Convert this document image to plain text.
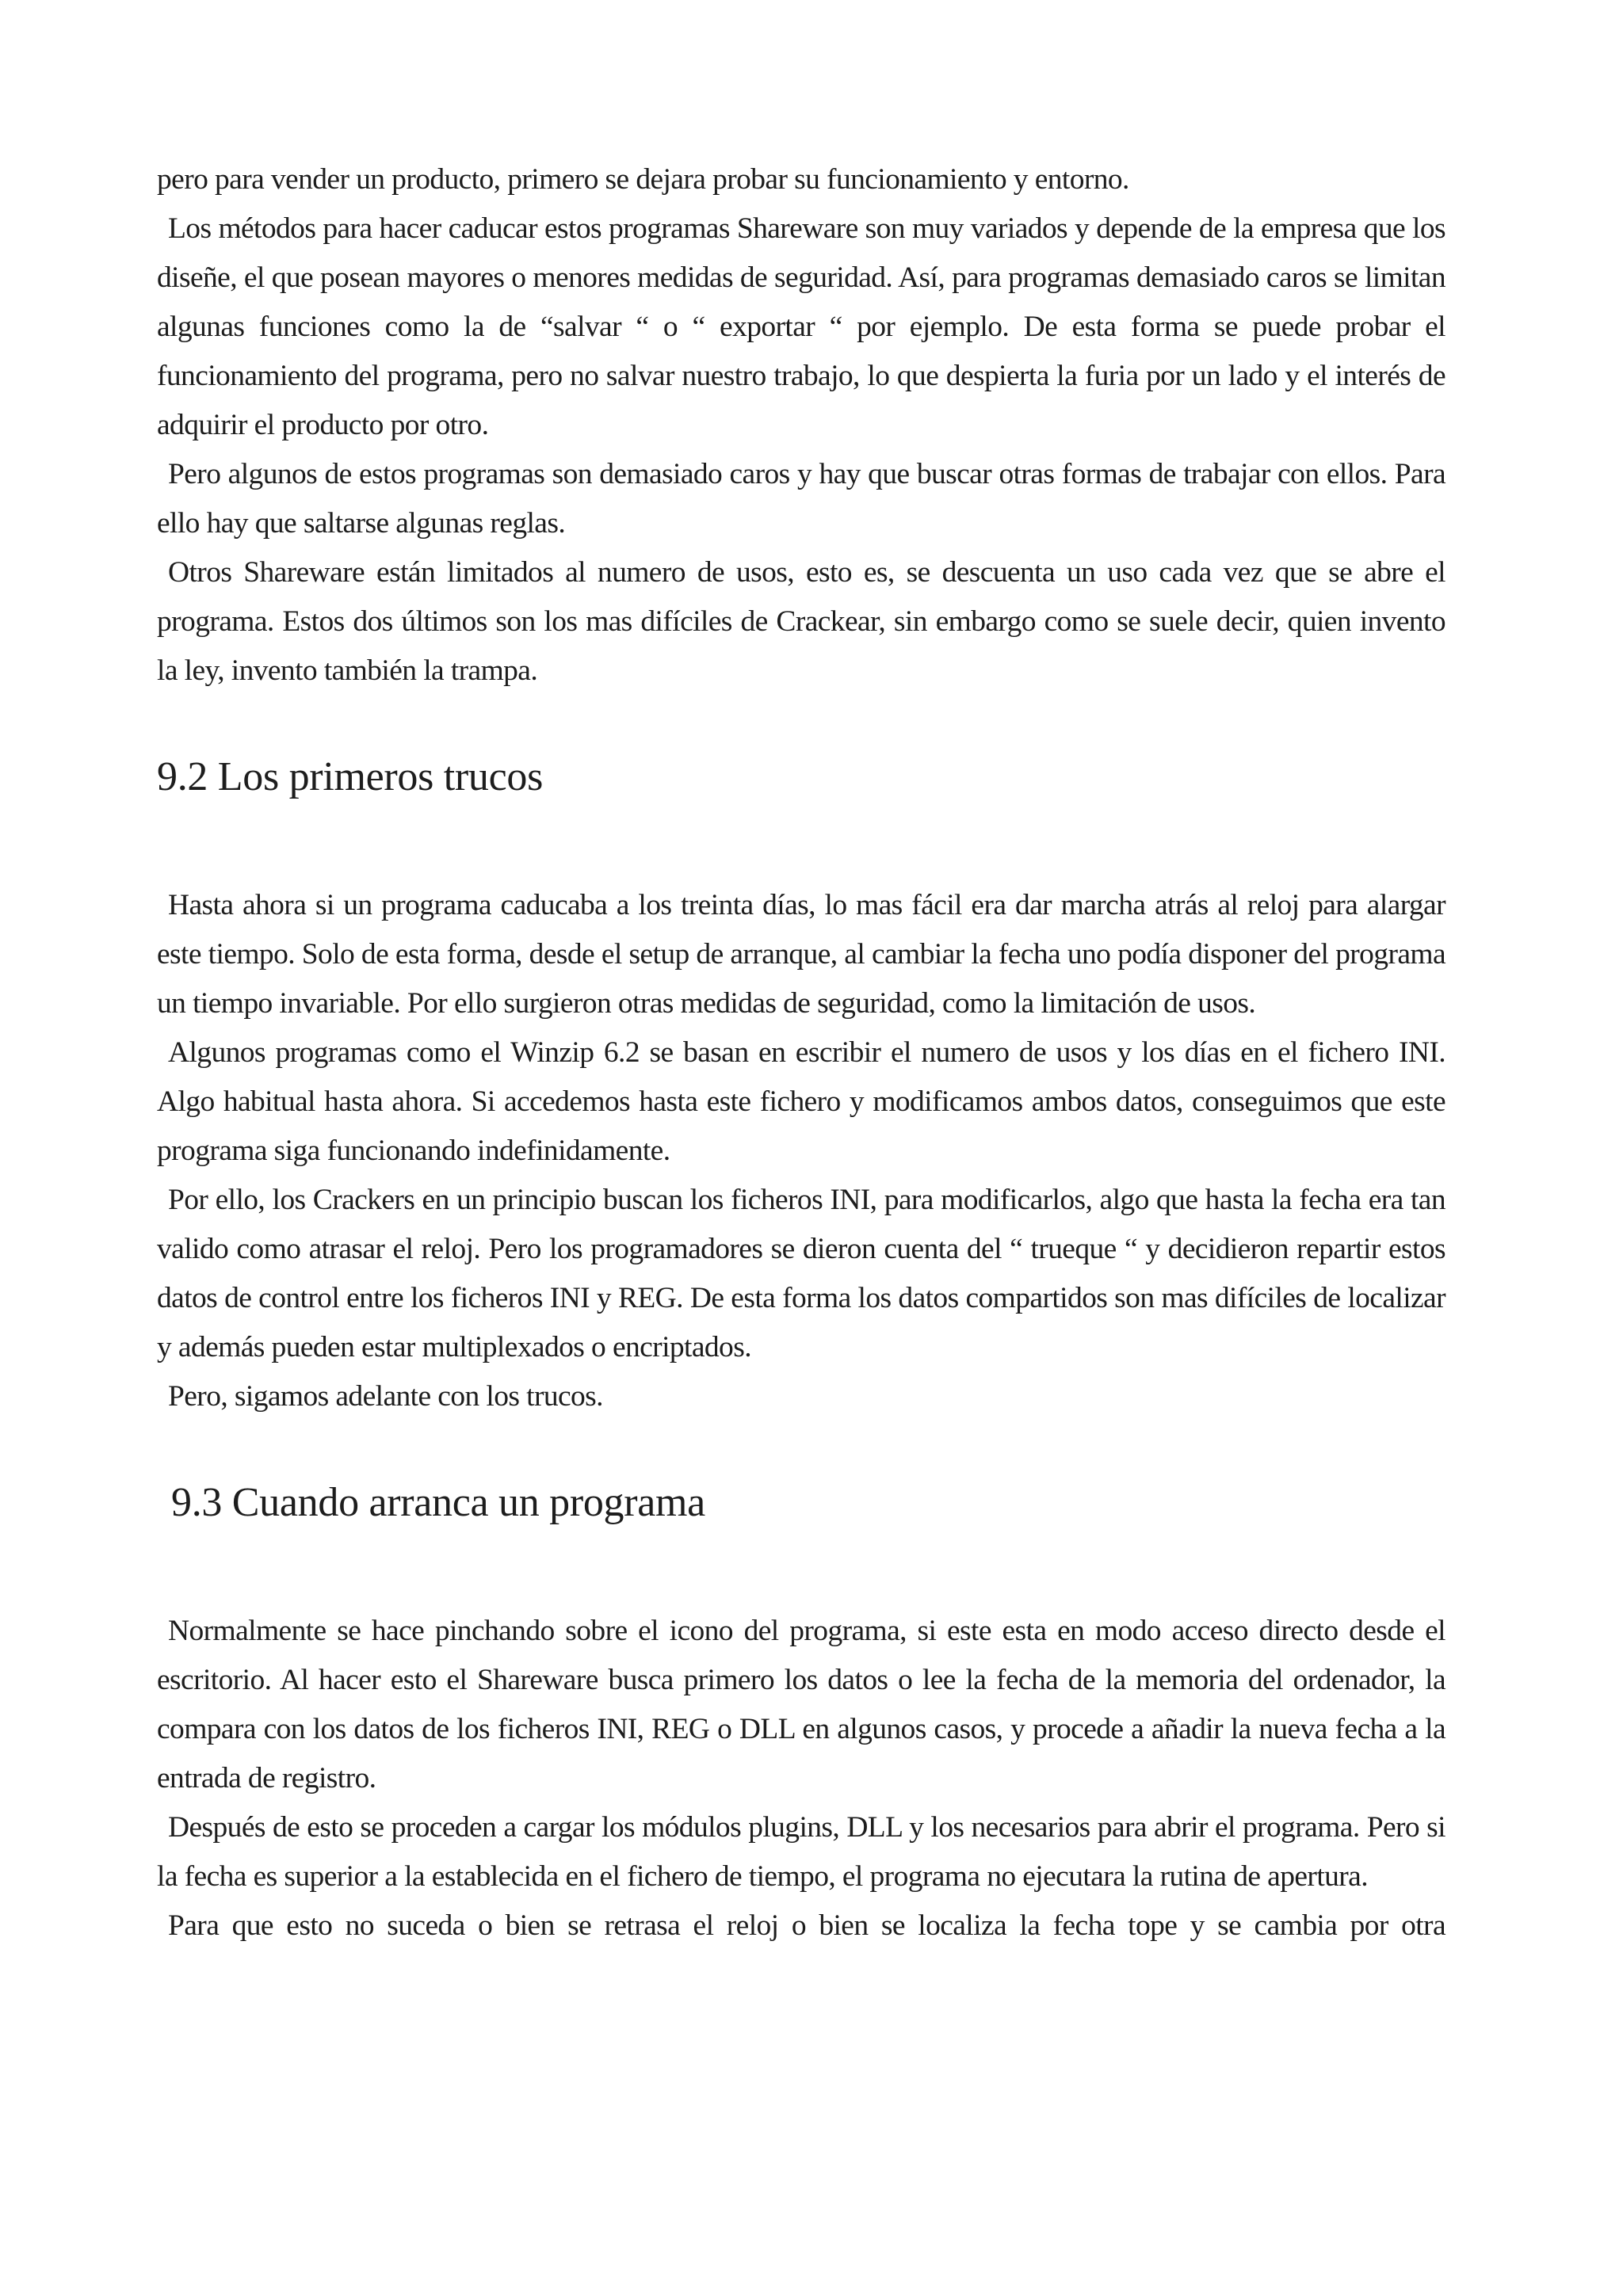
pero para vender un producto, primero se dejara probar su funcionamiento y entorno.

Los métodos para hacer caducar estos programas Shareware son muy variados y depende de la empresa que los diseñe, el que posean mayores o menores medidas de seguridad. Así, para programas demasiado caros se limitan algunas funciones como la de “salvar “ o “ exportar “ por ejemplo. De esta forma se puede probar el funcionamiento del programa, pero no salvar nuestro trabajo, lo que despierta la furia por un lado y el interés de adquirir el producto por otro.

Pero algunos de estos programas son demasiado caros y hay que buscar otras formas de trabajar con ellos. Para ello hay que saltarse algunas reglas.

Otros Shareware están limitados al numero de usos, esto es, se descuenta un uso cada vez que se abre el programa. Estos dos últimos son los mas difíciles de Crackear, sin embargo como se suele decir, quien invento la ley, invento también la trampa.

9.2 Los primeros trucos

Hasta ahora si un programa caducaba a los treinta días, lo mas fácil era dar marcha atrás al reloj para alargar este tiempo. Solo de esta forma, desde el setup de arranque, al cambiar la fecha uno podía disponer del programa un tiempo invariable. Por ello surgieron otras medidas de seguridad, como la limitación de usos.

Algunos programas como el Winzip 6.2 se basan en escribir el numero de usos y los días en el fichero INI. Algo habitual hasta ahora. Si accedemos hasta este fichero y modificamos ambos datos, conseguimos que este programa siga funcionando indefinidamente.

Por ello, los Crackers en un principio buscan los ficheros INI, para modificarlos, algo que hasta la fecha era tan valido como atrasar el reloj. Pero los programadores se dieron cuenta del “ trueque “ y decidieron repartir estos datos de control entre los ficheros INI y REG. De esta forma los datos compartidos son mas difíciles de localizar y además pueden estar multiplexados o encriptados.

Pero, sigamos adelante con los trucos.

9.3 Cuando arranca un programa

Normalmente se hace pinchando sobre el icono del programa, si este esta en modo acceso directo desde el escritorio. Al hacer esto el Shareware busca primero los datos o lee la fecha de la memoria del ordenador, la compara con los datos de los ficheros INI, REG o DLL en algunos casos, y procede a añadir la nueva fecha a la entrada de registro.

Después de esto se proceden a cargar los módulos plugins, DLL y los necesarios para abrir el programa. Pero si la fecha es superior a la establecida en el fichero de tiempo, el programa no ejecutara la rutina de apertura.

Para que esto no suceda o bien se retrasa el reloj o bien se localiza la fecha tope y se cambia por otra
